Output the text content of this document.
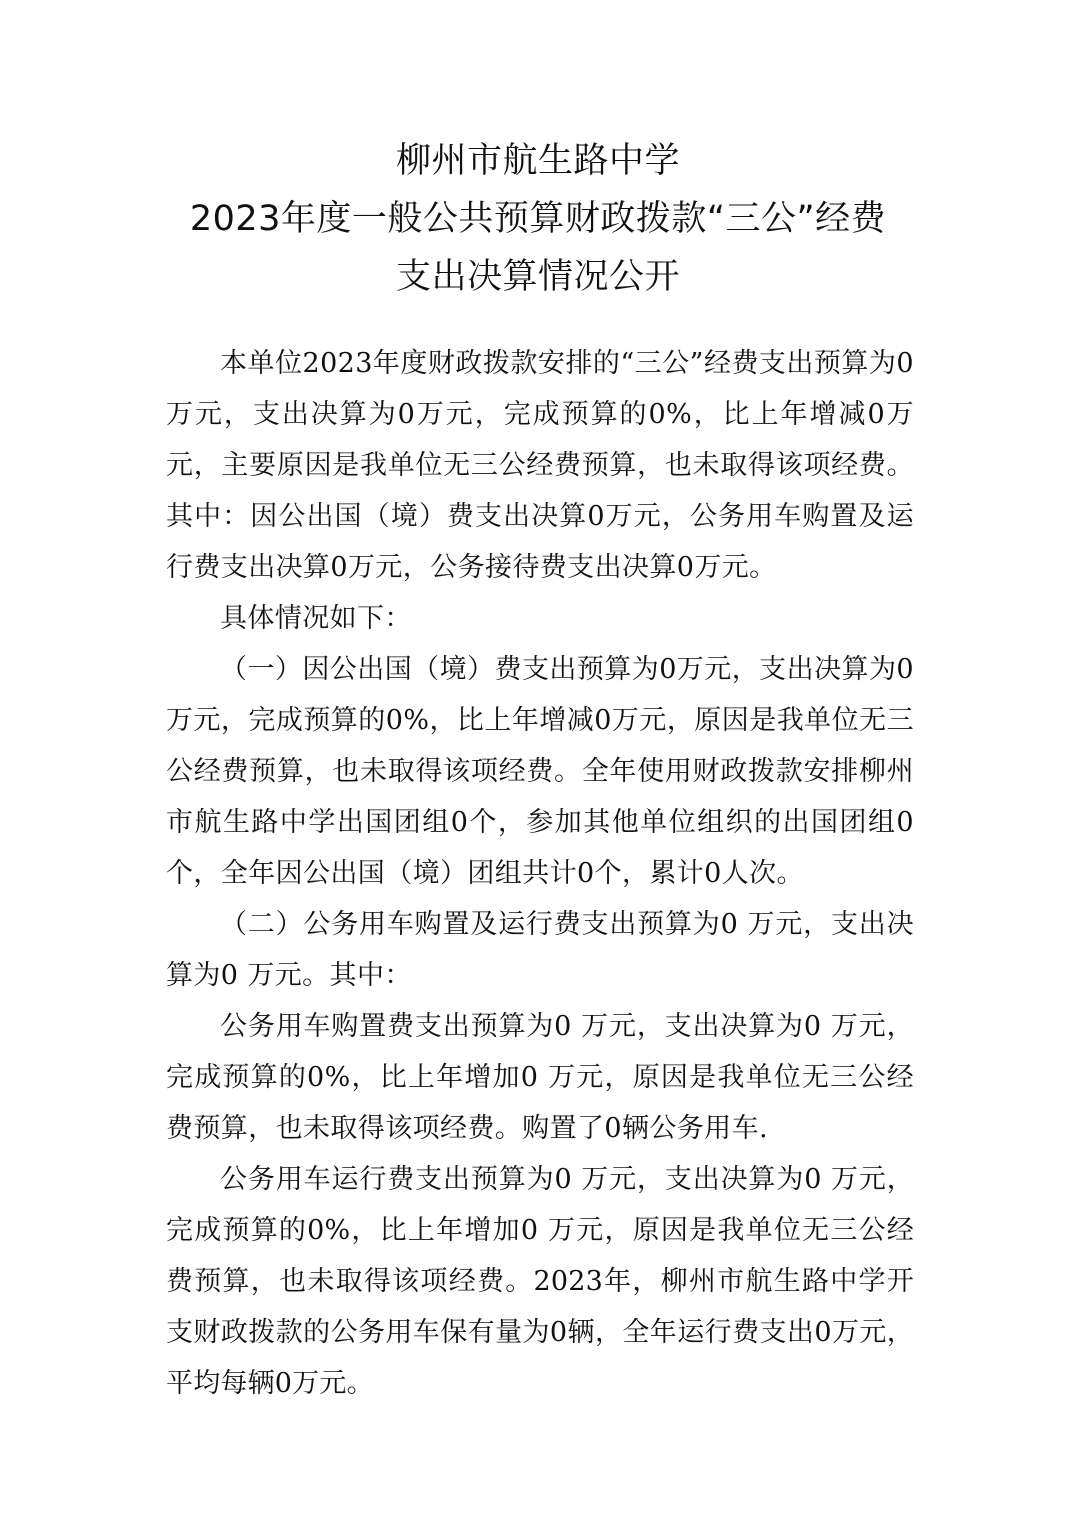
柳州市航生路中学
2023年度一般公共预算财政拨款“三公”经费
支出决算情况公开

本单位2023年度财政拨款安排的“三公”经费支出预算为0 万元，支出决算为0万元，完成预算的0%，比上年增减0万元，主要原因是我单位无三公经费预算，也未取得该项经费。其中：因公出国（境）费支出决算0万元，公务用车购置及运行费支出决算0万元，公务接待费支出决算0万元。

具体情况如下：

（一）因公出国（境）费支出预算为0万元，支出决算为0万元，完成预算的0%，比上年增减0万元，原因是我单位无三公经费预算，也未取得该项经费。全年使用财政拨款安排柳州市航生路中学出国团组0个，参加其他单位组织的出国团组0个，全年因公出国（境）团组共计0个，累计0人次。

（二）公务用车购置及运行费支出预算为0 万元，支出决算为0 万元。其中：

公务用车购置费支出预算为0 万元，支出决算为0 万元，完成预算的0%，比上年增加0 万元，原因是我单位无三公经费预算，也未取得该项经费。购置了0辆公务用车.

公务用车运行费支出预算为0 万元，支出决算为0 万元，完成预算的0%，比上年增加0 万元，原因是我单位无三公经费预算，也未取得该项经费。2023年，柳州市航生路中学开支财政拨款的公务用车保有量为0辆，全年运行费支出0万元，平均每辆0万元。
